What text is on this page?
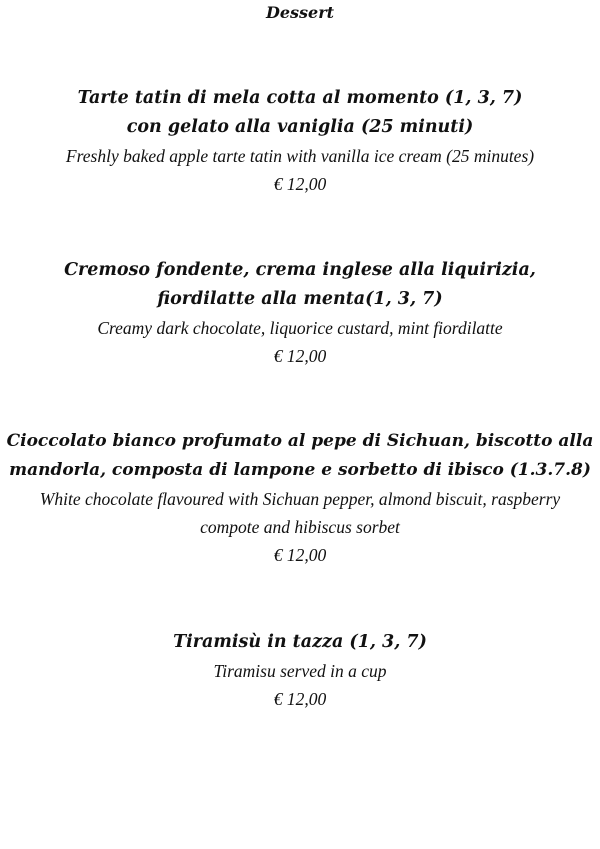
Dessert
Tarte tatin di mela cotta al momento (1, 3, 7) con gelato alla vaniglia (25 minuti)
Freshly baked apple tarte tatin with vanilla ice cream (25 minutes)
€ 12,00
Cremoso fondente, crema inglese alla liquirizia, fiordilatte alla menta(1, 3, 7)
Creamy dark chocolate, liquorice custard, mint fiordilatte
€ 12,00
Cioccolato bianco profumato al pepe di Sichuan, biscotto alla mandorla, composta di lampone e sorbetto di ibisco (1.3.7.8)
White chocolate flavoured with Sichuan pepper, almond biscuit, raspberry compote and hibiscus sorbet
€ 12,00
Tiramisù in tazza (1, 3, 7)
Tiramisu served in a cup
€ 12,00
